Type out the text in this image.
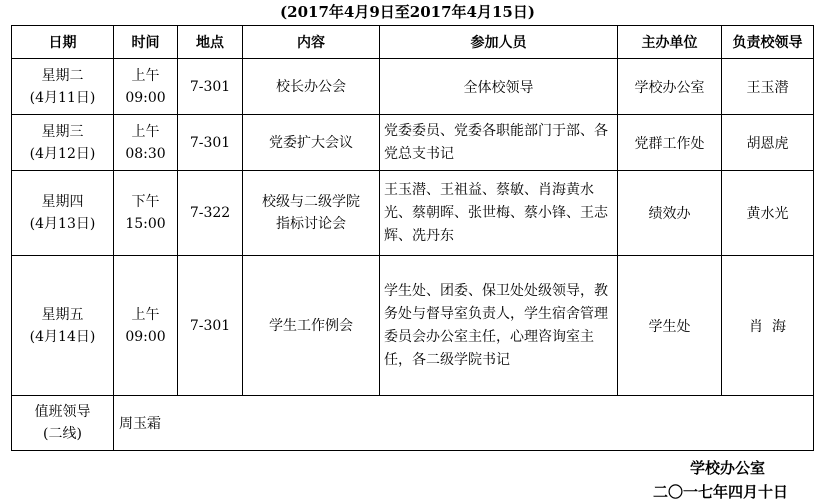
(2017年4月9日至2017年4月15日)
日期	时间	地点	内容	参加人员	主办单位	负责校领导

星期二
(4月11日)	上午
09:00	7-301	校长办公会	全体校领导	学校办公室	王玉潜

星期三
(4月12日)	上午
08:30	7-301	党委扩大会议	党委委员、党委各职能部门于部、各党总支书记	党群工作处	胡恩虎

星期四
(4月13日)	下午
15:00	7-322	校级与二级学院
指标讨论会	王玉潜、王祖益、蔡敏、肖海黄水光、蔡朝晖、张世梅、蔡小锋、王志辉、冼丹东	绩效办	黄水光

星期五
(4月14日)	上午
09:00	7-301	学生工作例会	学生处、团委、保卫处处级领导，教务处与督导室负责人，学生宿舍管理委员会办公室主任，心理咨询室主任，各二级学院书记	学生处	肖  海

值班领导
(二线)	周玉霜					
学校办公室
二〇一七年四月十日
